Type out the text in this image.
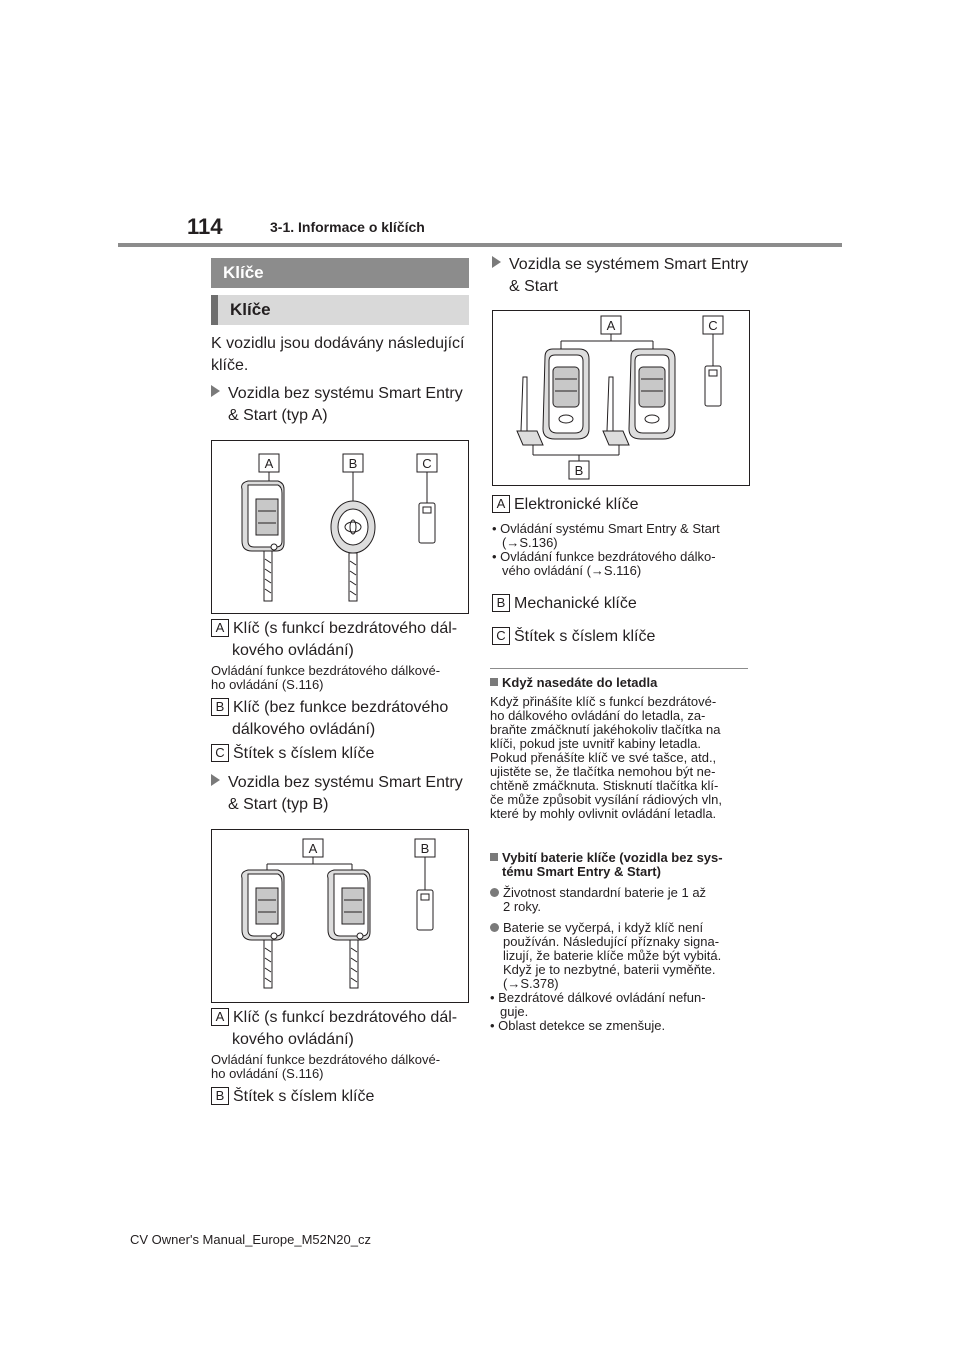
114	3-1. Informace o klíčích
Klíče
Klíče
K vozidlu jsou dodávány následující
klíče.
Vozidla bez systému Smart Entry
& Start (typ A)
A	B	C
A Klíč (s funkcí bezdrátového dál-
kového ovládání)
Ovládání funkce bezdrátového dálkové-
ho ovládání (S.116)
B Klíč (bez funkce bezdrátového
dálkového ovládání)
C Štítek s číslem klíče
Vozidla bez systému Smart Entry
& Start (typ B)
A	B
A Klíč (s funkcí bezdrátového dál-
kového ovládání)
Ovládání funkce bezdrátového dálkové-
ho ovládání (S.116)
B Štítek s číslem klíče
Vozidla se systémem Smart Entry
& Start
A	C
B
A Elektronické klíče
• Ovládání systému Smart Entry & Start
(→S.136)
• Ovládání funkce bezdrátového dálko-
vého ovládání (→S.116)
B Mechanické klíče
C Štítek s číslem klíče
Když nasedáte do letadla
Když přinášíte klíč s funkcí bezdrátové-
ho dálkového ovládání do letadla, za-
braňte zmáčknutí jakéhokoliv tlačítka na
klíči, pokud jste uvnitř kabiny letadla.
Pokud přenášíte klíč ve své tašce, atd.,
ujistěte se, že tlačítka nemohou být ne-
chtěně zmáčknuta. Stisknutí tlačítka klí-
če může způsobit vysílání rádiových vln,
které by mohly ovlivnit ovládání letadla.
Vybití baterie klíče (vozidla bez sys-
tému Smart Entry & Start)
Životnost standardní baterie je 1 až
2 roky.
Baterie se vyčerpá, i když klíč není
používán. Následující příznaky signa-
lizují, že baterie klíče může být vybitá.
Když je to nezbytné, baterii vyměňte.
(→S.378)
• Bezdrátové dálkové ovládání nefun-
guje.
• Oblast detekce se zmenšuje.
CV Owner's Manual_Europe_M52N20_cz
